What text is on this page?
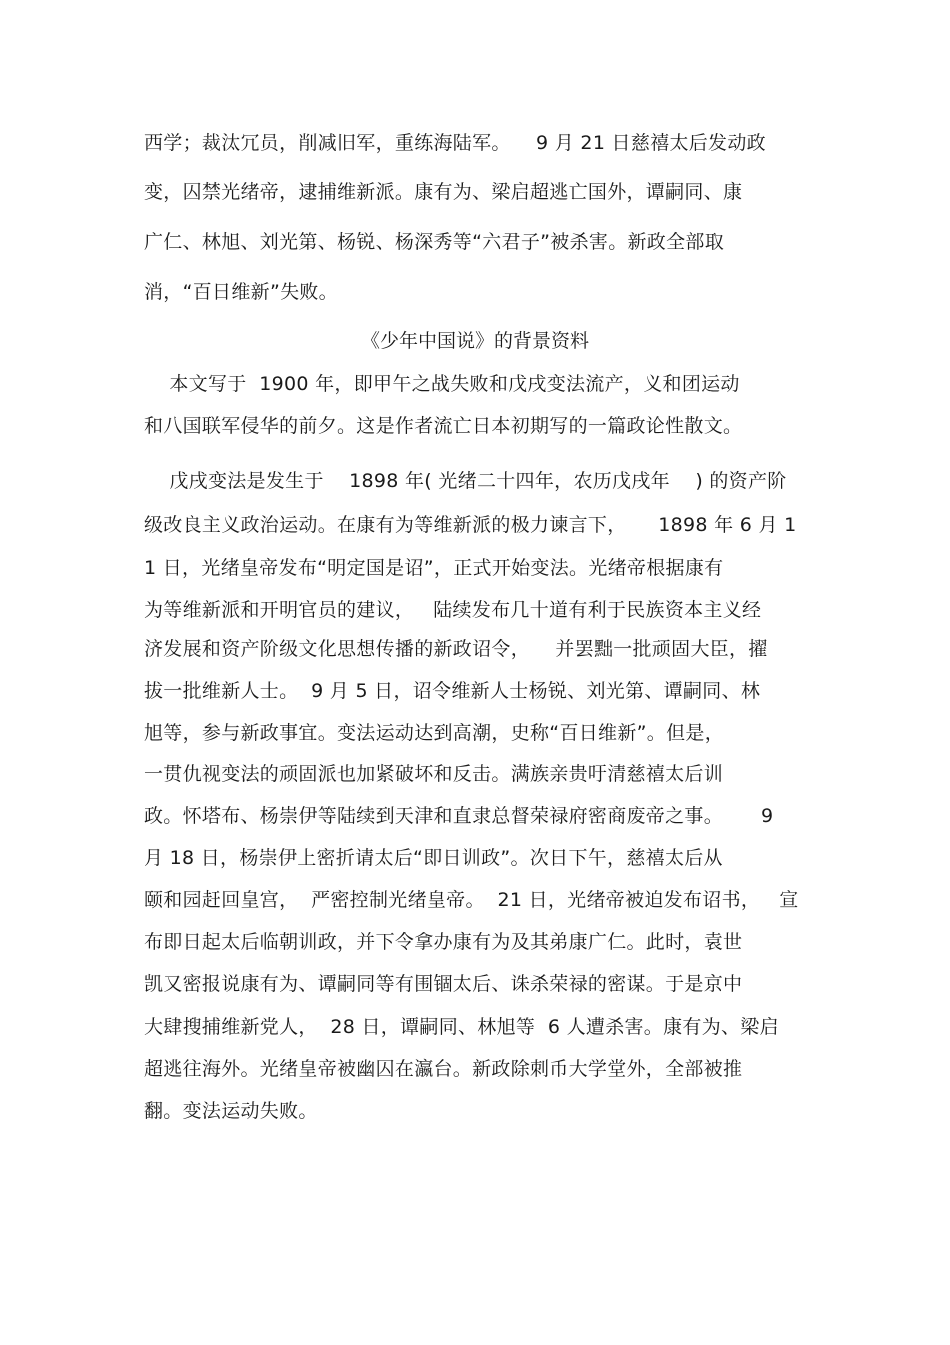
西学；裁汰冗员，削减旧军，重练海陆军。    9 月 21 日慈禧太后发动政
变，囚禁光绪帝，逮捕维新派。康有为、梁启超逃亡国外，谭嗣同、康
广仁、林旭、刘光第、杨锐、杨深秀等“六君子”被杀害。新政全部取
消，“百日维新”失败。
《少年中国说》的背景资料
本文写于  1900 年，即甲午之战失败和戊戌变法流产，义和团运动
和八国联军侵华的前夕。这是作者流亡日本初期写的一篇政论性散文。
戊戌变法是发生于    1898 年( 光绪二十四年，农历戊戌年    ) 的资产阶
级改良主义政治运动。在康有为等维新派的极力谏言下，     1898 年 6 月 1
1 日，光绪皇帝发布“明定国是诏”，正式开始变法。光绪帝根据康有
为等维新派和开明官员的建议，   陆续发布几十道有利于民族资本主义经
济发展和资产阶级文化思想传播的新政诏令，    并罢黜一批顽固大臣，擢
拔一批维新人士。  9 月 5 日，诏令维新人士杨锐、刘光第、谭嗣同、林
旭等，参与新政事宜。变法运动达到高潮，史称“百日维新”。但是，
一贯仇视变法的顽固派也加紧破坏和反击。满族亲贵吁清慈禧太后训
政。怀塔布、杨崇伊等陆续到天津和直隶总督荣禄府密商废帝之事。      9
月 18 日，杨崇伊上密折请太后“即日训政”。次日下午，慈禧太后从
颐和园赶回皇宫，  严密控制光绪皇帝。  21 日，光绪帝被迫发布诏书，   宣
布即日起太后临朝训政，并下令拿办康有为及其弟康广仁。此时，袁世
凯又密报说康有为、谭嗣同等有围锢太后、诛杀荣禄的密谋。于是京中
大肆搜捕维新党人，  28 日，谭嗣同、林旭等  6 人遭杀害。康有为、梁启
超逃往海外。光绪皇帝被幽囚在瀛台。新政除刺币大学堂外，全部被推
翻。变法运动失败。
